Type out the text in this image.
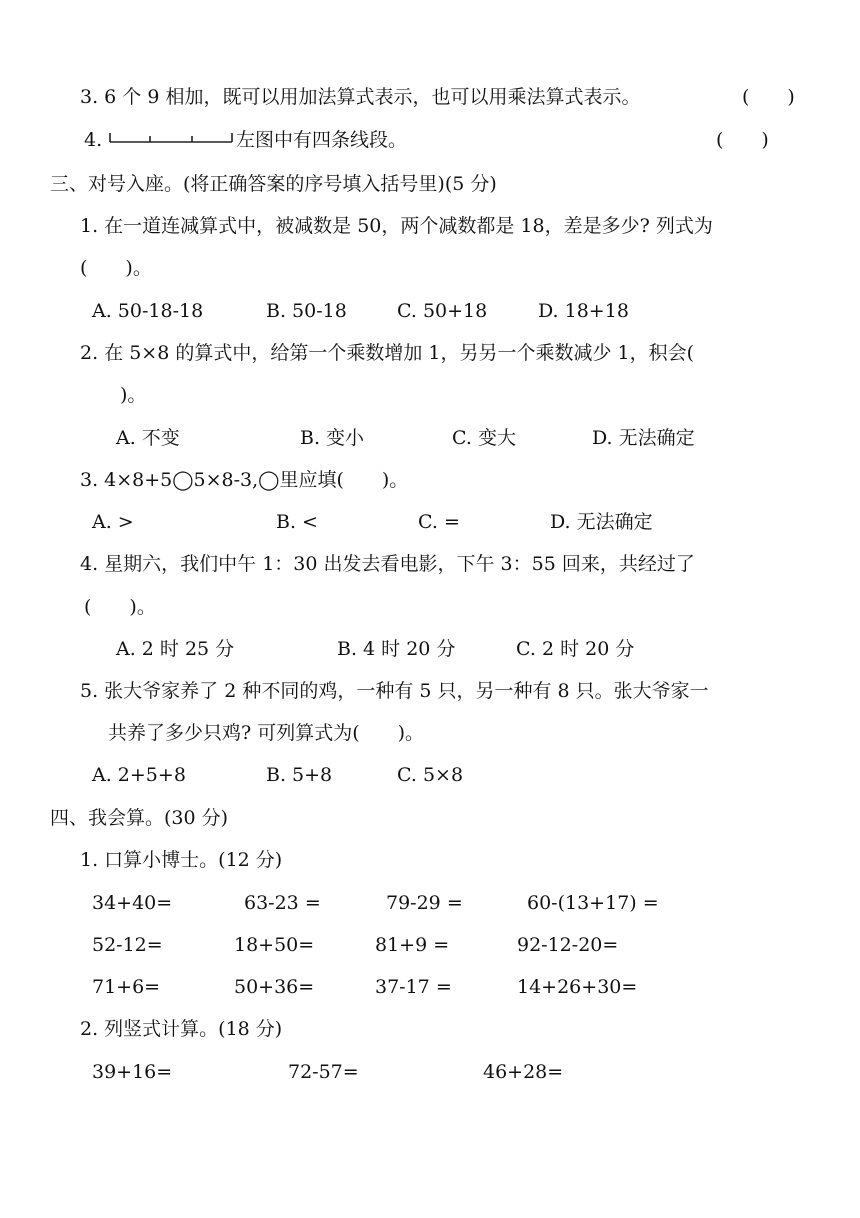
3. 6 个 9 相加，既可以用加法算式表示，也可以用乘法算式表示。	(　　)
4.	左图中有四条线段。	(　　)
三、对号入座。(将正确答案的序号填入括号里)(5 分)
1. 在一道连减算式中，被减数是 50，两个减数都是 18，差是多少? 列式为
(　　)。
A. 50-18-18	B. 50-18	C. 50+18	D. 18+18
2. 在 5×8 的算式中，给第一个乘数增加 1，另另一个乘数减少 1，积会(
)。
A. 不变	B. 变小	C. 变大	D. 无法确定
3. 4×8+5◯5×8-3,◯里应填(　　)。
A. >	B. <	C. =	D. 无法确定
4. 星期六，我们中午 1：30 出发去看电影，下午 3：55 回来，共经过了
(　　)。
A. 2 时 25 分	B. 4 时 20 分	C. 2 时 20 分
5. 张大爷家养了 2 种不同的鸡，一种有 5 只，另一种有 8 只。张大爷家一
共养了多少只鸡? 可列算式为(　　)。
A. 2+5+8	B. 5+8	C. 5×8
四、我会算。(30 分)
1. 口算小博士。(12 分)
34+40=	63-23 =	79-29 =	60-(13+17) =
52-12=	18+50=	81+9 =	92-12-20=
71+6=	50+36=	37-17 =	14+26+30=
2. 列竖式计算。(18 分)
39+16=	72-57=	46+28=
